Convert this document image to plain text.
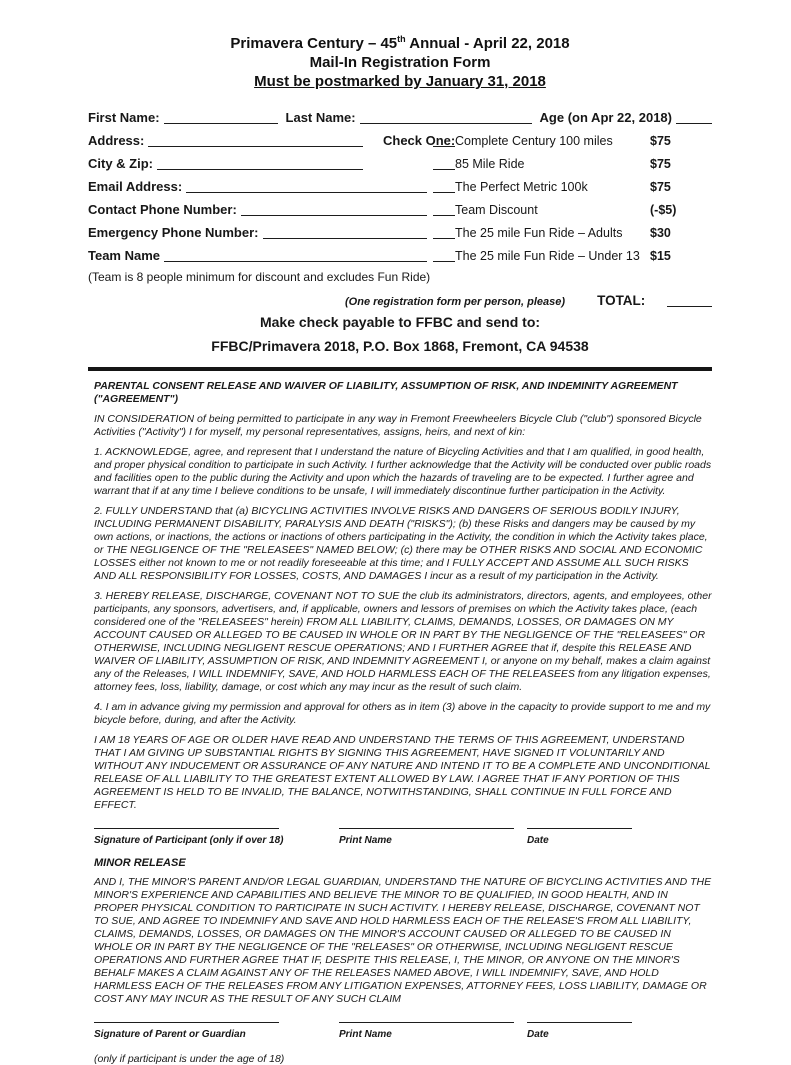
Primavera Century – 45th Annual - April 22, 2018
Mail-In Registration Form
Must be postmarked by January 31, 2018
First Name:	Last Name:	Age (on Apr 22, 2018)
Address:	Check One: Complete Century 100 miles	$75
City & Zip:	85 Mile Ride	$75
Email Address:	The Perfect Metric 100k	$75
Contact Phone Number:	Team Discount	(-$5)
Emergency Phone Number:	The 25 mile Fun Ride – Adults	$30
Team Name	The 25 mile Fun Ride – Under 13 $15
(Team is 8 people minimum for discount and excludes Fun Ride)
(One registration form per person, please) TOTAL:
Make check payable to FFBC and send to:
FFBC/Primavera 2018, P.O. Box 1868, Fremont, CA 94538
PARENTAL CONSENT RELEASE AND WAIVER OF LIABILITY, ASSUMPTION OF RISK, AND INDEMINITY AGREEMENT ("AGREEMENT")
IN CONSIDERATION of being permitted to participate in any way in Fremont Freewheelers Bicycle Club ("club") sponsored Bicycle Activities ("Activity") I for myself, my personal representatives, assigns, heirs, and next of kin:
1. ACKNOWLEDGE, agree, and represent that I understand the nature of Bicycling Activities and that I am qualified, in good health, and proper physical condition to participate in such Activity. I further acknowledge that the Activity will be conducted over public roads and facilities open to the public during the Activity and upon which the hazards of traveling are to be expected. I further agree and warrant that if at any time I believe conditions to be unsafe, I will immediately discontinue further participation in the Activity.
2. FULLY UNDERSTAND that (a) BICYCLING ACTIVITIES INVOLVE RISKS AND DANGERS OF SERIOUS BODILY INJURY, INCLUDING PERMANENT DISABILITY, PARALYSIS AND DEATH ("RISKS"); (b) these Risks and dangers may be caused by my own actions, or inactions, the actions or inactions of others participating in the Activity, the condition in which the Activity takes place, or THE NEGLIGENCE OF THE "RELEASEES" NAMED BELOW; (c) there may be OTHER RISKS AND SOCIAL AND ECONOMIC LOSSES either not known to me or not readily foreseeable at this time; and I FULLY ACCEPT AND ASSUME ALL SUCH RISKS AND ALL RESPONSIBILITY FOR LOSSES, COSTS, AND DAMAGES I incur as a result of my participation in the Activity.
3. HEREBY RELEASE, DISCHARGE, COVENANT NOT TO SUE the club its administrators, directors, agents, and employees, other participants, any sponsors, advertisers, and, if applicable, owners and lessors of premises on which the Activity takes place, (each considered one of the "RELEASEES" herein) FROM ALL LIABILITY, CLAIMS, DEMANDS, LOSSES, OR DAMAGES ON MY ACCOUNT CAUSED OR ALLEGED TO BE CAUSED IN WHOLE OR IN PART BY THE NEGLIGENCE OF THE "RELEASEES" OR OTHERWISE, INCLUDING NEGLIGENT RESCUE OPERATIONS; AND I FURTHER AGREE that if, despite this RELEASE AND WAIVER OF LIABILITY, ASSUMPTION OF RISK, AND INDEMNITY AGREEMENT I, or anyone on my behalf, makes a claim against any of the Releases, I WILL INDEMNIFY, SAVE, AND HOLD HARMLESS EACH OF THE RELEASEES from any litigation expenses, attorney fees, loss, liability, damage, or cost which any may incur as the result of such claim.
4. I am in advance giving my permission and approval for others as in item (3) above in the capacity to provide support to me and my bicycle before, during, and after the Activity.
I AM 18 YEARS OF AGE OR OLDER HAVE READ AND UNDERSTAND THE TERMS OF THIS AGREEMENT, UNDERSTAND THAT I AM GIVING UP SUBSTANTIAL RIGHTS BY SIGNING THIS AGREEMENT, HAVE SIGNED IT VOLUNTARILY AND WITHOUT ANY INDUCEMENT OR ASSURANCE OF ANY NATURE AND INTEND IT TO BE A COMPLETE AND UNCONDITIONAL RELEASE OF ALL LIABILITY TO THE GREATEST EXTENT ALLOWED BY LAW. I AGREE THAT IF ANY PORTION OF THIS AGREEMENT IS HELD TO BE INVALID, THE BALANCE, NOTWITHSTANDING, SHALL CONTINUE IN FULL FORCE AND EFFECT.
Signature of Participant (only if over 18)	Print Name	Date
MINOR RELEASE
AND I, THE MINOR'S PARENT AND/OR LEGAL GUARDIAN, UNDERSTAND THE NATURE OF BICYCLING ACTIVITIES AND THE MINOR'S EXPERIENCE AND CAPABILITIES AND BELIEVE THE MINOR TO BE QUALIFIED, IN GOOD HEALTH, AND IN PROPER PHYSICAL CONDITION TO PARTICIPATE IN SUCH ACTIVITY. I HEREBY RELEASE, DISCHARGE, COVENANT NOT TO SUE, AND AGREE TO INDEMNIFY AND SAVE AND HOLD HARMLESS EACH OF THE RELEASE'S FROM ALL LIABILITY, CLAIMS, DEMANDS, LOSSES, OR DAMAGES ON THE MINOR'S ACCOUNT CAUSED OR ALLEGED TO BE CAUSED IN WHOLE OR IN PART BY THE NEGLIGENCE OF THE "RELEASES" OR OTHERWISE, INCLUDING NEGLIGENT RESCUE OPERATIONS AND FURTHER AGREE THAT IF, DESPITE THIS RELEASE, I, THE MINOR, OR ANYONE ON THE MINOR'S BEHALF MAKES A CLAIM AGAINST ANY OF THE RELEASES NAMED ABOVE, I WILL INDEMNIFY, SAVE, AND HOLD HARMLESS EACH OF THE RELEASES FROM ANY LITIGATION EXPENSES, ATTORNEY FEES, LOSS LIABILITY, DAMAGE OR COST ANY MAY INCUR AS THE RESULT OF ANY SUCH CLAIM
Signature of Parent or Guardian	Print Name	Date
(only if participant is under the age of 18)
